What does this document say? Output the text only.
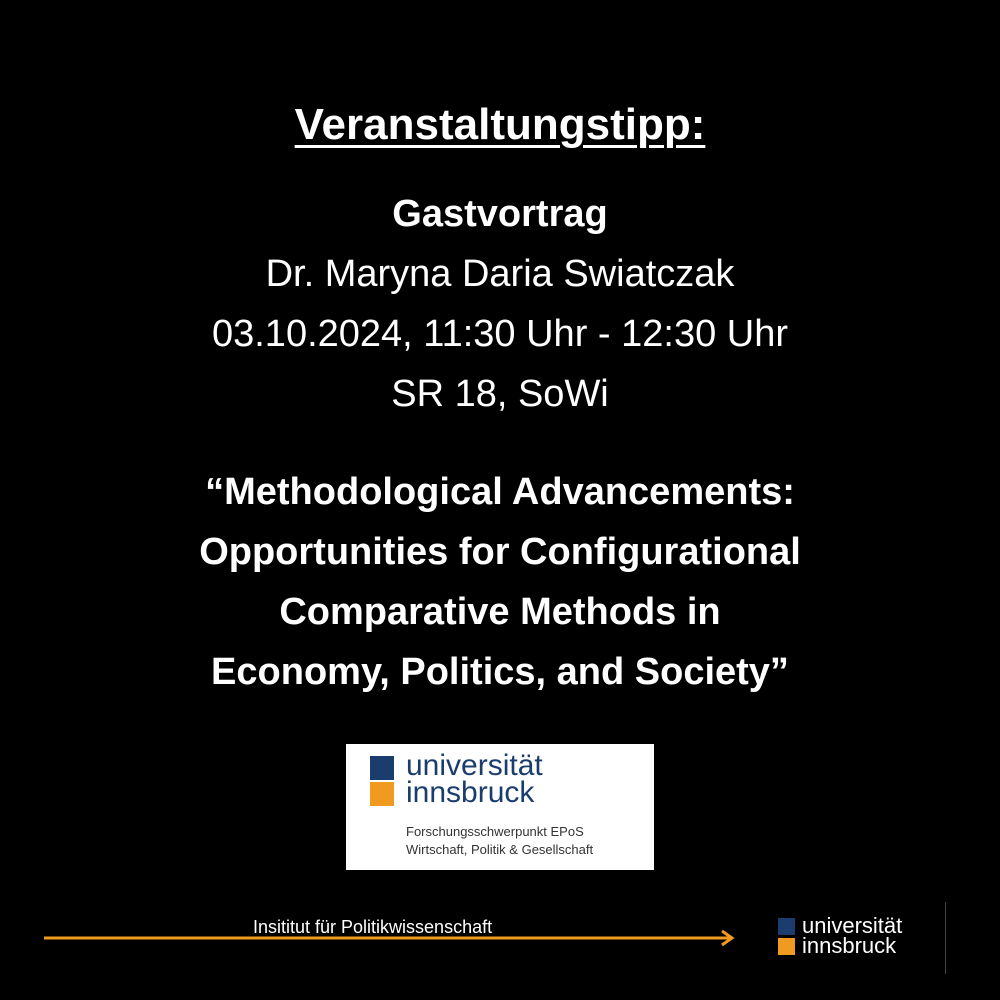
Veranstaltungstipp:
Gastvortrag
Dr. Maryna Daria Swiatczak
03.10.2024, 11:30 Uhr - 12:30 Uhr
SR 18, SoWi
“Methodological Advancements:
Opportunities for Configurational
Comparative Methods in
Economy, Politics, and Society”
universität
innsbruck
Forschungsschwerpunkt EPoS
Wirtschaft, Politik & Gesellschaft
Insititut für Politikwissenschaft	universität
innsbruck
